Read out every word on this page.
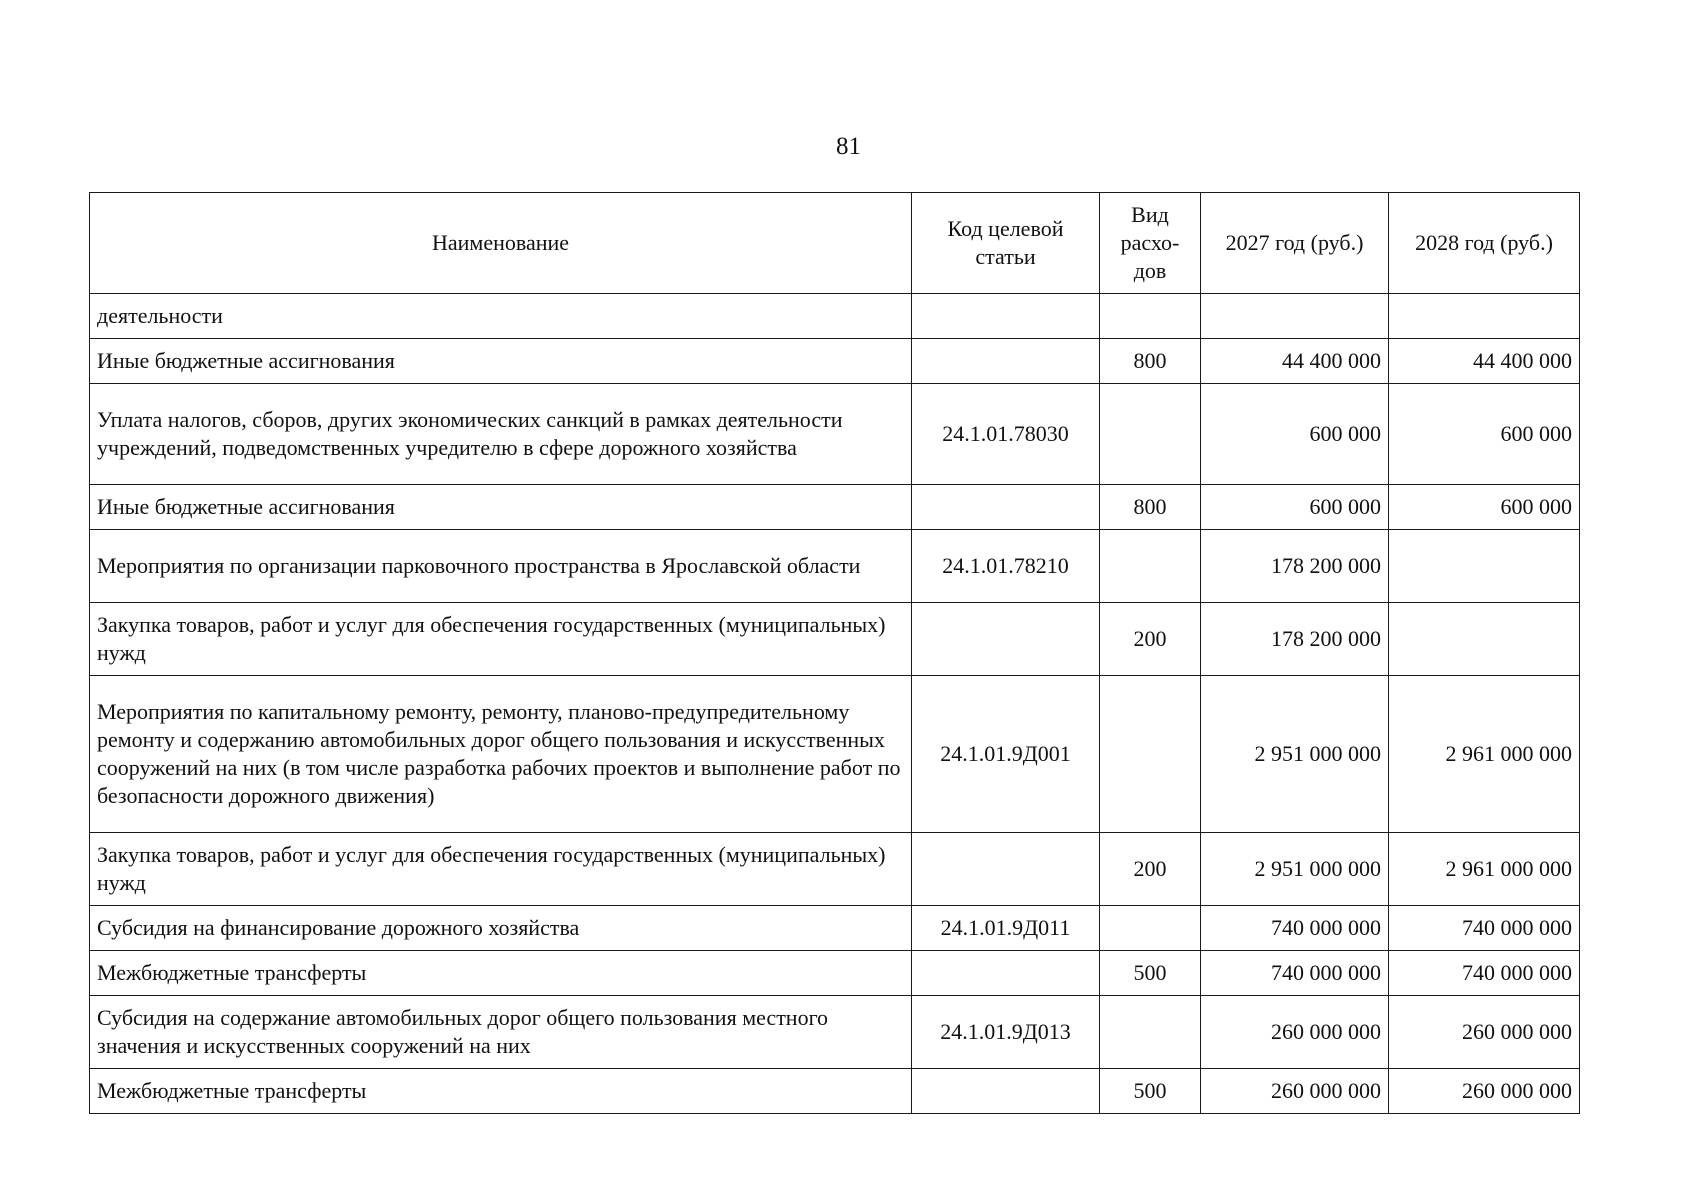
81
Наименование	Код целевой статьи	Вид расхо-дов	2027 год (руб.)	2028 год (руб.)
деятельности				
Иные бюджетные ассигнования		800	44 400 000	44 400 000
Уплата налогов, сборов, других экономических санкций в рамках деятельности учреждений, подведомственных учредителю в сфере дорожного хозяйства	24.1.01.78030		600 000	600 000
Иные бюджетные ассигнования		800	600 000	600 000
Мероприятия по организации парковочного пространства в Ярославской области	24.1.01.78210		178 200 000	
Закупка товаров, работ и услуг для обеспечения государственных (муниципальных) нужд		200	178 200 000	
Мероприятия по капитальному ремонту, ремонту, планово-предупредительному ремонту и содержанию автомобильных дорог общего пользования и искусственных сооружений на них (в том числе разработка рабочих проектов и выполнение работ по безопасности дорожного движения)	24.1.01.9Д001		2 951 000 000	2 961 000 000
Закупка товаров, работ и услуг для обеспечения государственных (муниципальных) нужд		200	2 951 000 000	2 961 000 000
Субсидия на финансирование дорожного хозяйства	24.1.01.9Д011		740 000 000	740 000 000
Межбюджетные трансферты		500	740 000 000	740 000 000
Субсидия на содержание автомобильных дорог общего пользования местного значения и искусственных сооружений на них	24.1.01.9Д013		260 000 000	260 000 000
Межбюджетные трансферты		500	260 000 000	260 000 000
